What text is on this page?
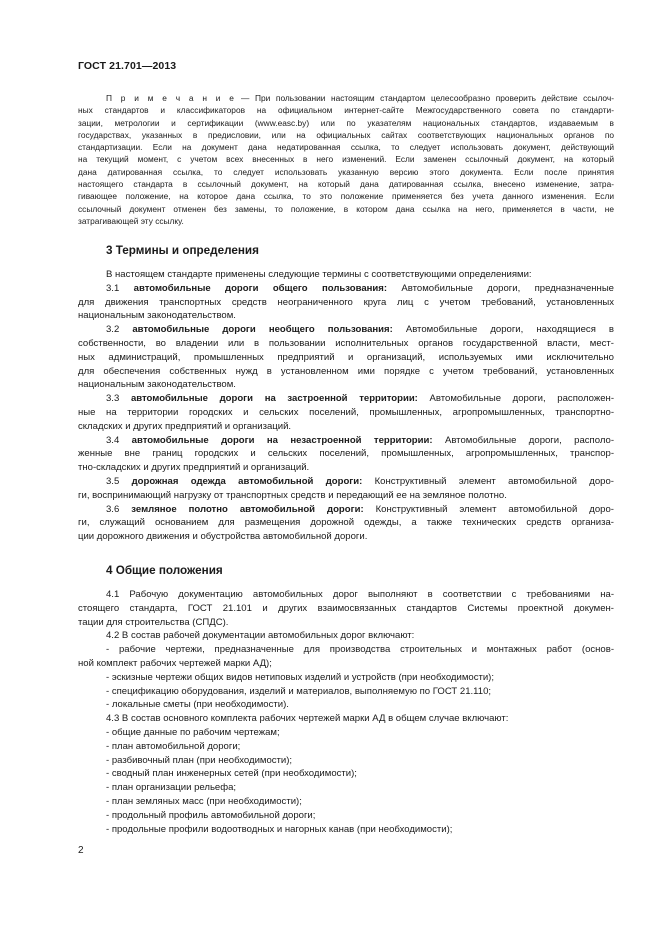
ГОСТ 21.701—2013
П р и м е ч а н и е — При пользовании настоящим стандартом целесообразно проверить действие ссылоч-
ных стандартов и классификаторов на официальном интернет-сайте Межгосударственного совета по стандарти-
зации, метрологии и сертификации (www.easc.by) или по указателям национальных стандартов, издаваемым в
государствах, указанных в предисловии, или на официальных сайтах соответствующих национальных органов по
стандартизации. Если на документ дана недатированная ссылка, то следует использовать документ, действующий
на текущий момент, с учетом всех внесенных в него изменений. Если заменен ссылочный документ, на который
дана датированная ссылка, то следует использовать указанную версию этого документа. Если после принятия
настоящего стандарта в ссылочный документ, на который дана датированная ссылка, внесено изменение, затра-
гивающее положение, на которое дана ссылка, то это положение применяется без учета данного изменения. Если
ссылочный документ отменен без замены, то положение, в котором дана ссылка на него, применяется в части, не
затрагивающей эту ссылку.
3 Термины и определения
В настоящем стандарте применены следующие термины с соответствующими определениями:
3.1 автомобильные дороги общего пользования: Автомобильные дороги, предназначенные
для движения транспортных средств неограниченного круга лиц с учетом требований, установленных
национальным законодательством.
3.2 автомобильные дороги необщего пользования: Автомобильные дороги, находящиеся в
собственности, во владении или в пользовании исполнительных органов государственной власти, мест-
ных администраций, промышленных предприятий и организаций, используемых ими исключительно
для обеспечения собственных нужд в установленном ими порядке с учетом требований, установленных
национальным законодательством.
3.3 автомобильные дороги на застроенной территории: Автомобильные дороги, расположен-
ные на территории городских и сельских поселений, промышленных, агропромышленных, транспортно-
складских и других предприятий и организаций.
3.4 автомобильные дороги на незастроенной территории: Автомобильные дороги, располо-
женные вне границ городских и сельских поселений, промышленных, агропромышленных, транспор-
тно-складских и других предприятий и организаций.
3.5 дорожная одежда автомобильной дороги: Конструктивный элемент автомобильной доро-
ги, воспринимающий нагрузку от транспортных средств и передающий ее на земляное полотно.
3.6 земляное полотно автомобильной дороги: Конструктивный элемент автомобильной доро-
ги, служащий основанием для размещения дорожной одежды, а также технических средств организа-
ции дорожного движения и обустройства автомобильной дороги.
4 Общие положения
4.1 Рабочую документацию автомобильных дорог выполняют в соответствии с требованиями на-
стоящего стандарта, ГОСТ 21.101 и других взаимосвязанных стандартов Системы проектной докумен-
тации для строительства (СПДС).
4.2 В состав рабочей документации автомобильных дорог включают:
- рабочие чертежи, предназначенные для производства строительных и монтажных работ (основ-
ной комплект рабочих чертежей марки АД);
- эскизные чертежи общих видов нетиповых изделий и устройств (при необходимости);
- спецификацию оборудования, изделий и материалов, выполняемую по ГОСТ 21.110;
- локальные сметы (при необходимости).
4.3 В состав основного комплекта рабочих чертежей марки АД в общем случае включают:
- общие данные по рабочим чертежам;
- план автомобильной дороги;
- разбивочный план (при необходимости);
- сводный план инженерных сетей (при необходимости);
- план организации рельефа;
- план земляных масс (при необходимости);
- продольный профиль автомобильной дороги;
- продольные профили водоотводных и нагорных канав (при необходимости);
2
